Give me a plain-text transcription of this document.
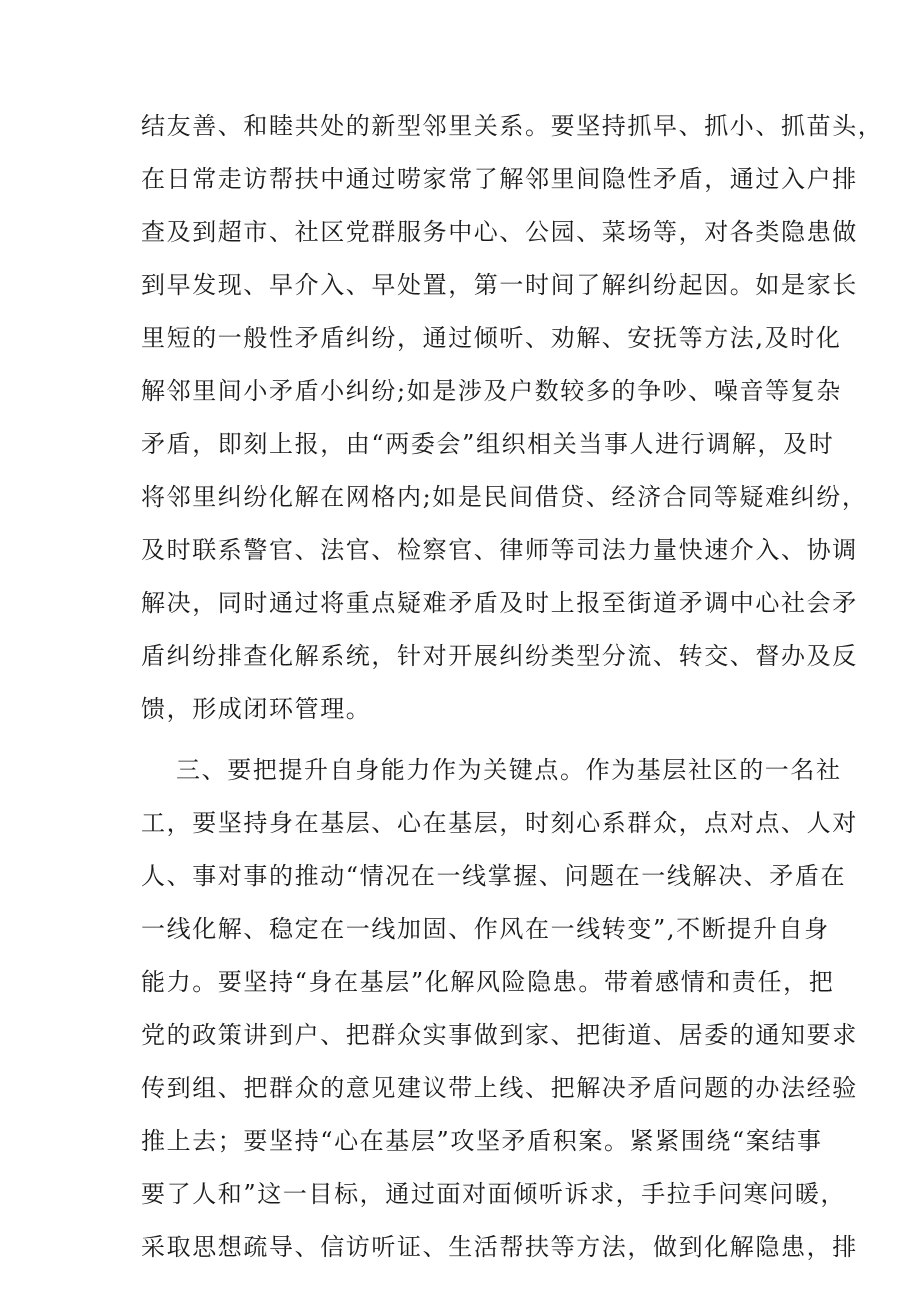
结友善、和睦共处的新型邻里关系。要坚持抓早、抓小、抓苗头，
在日常走访帮扶中通过唠家常了解邻里间隐性矛盾，通过入户排
查及到超市、社区党群服务中心、公园、菜场等，对各类隐患做
到早发现、早介入、早处置，第一时间了解纠纷起因。如是家长
里短的一般性矛盾纠纷，通过倾听、劝解、安抚等方法,及时化
解邻里间小矛盾小纠纷;如是涉及户数较多的争吵、噪音等复杂
矛盾，即刻上报，由“两委会”组织相关当事人进行调解，及时
将邻里纠纷化解在网格内;如是民间借贷、经济合同等疑难纠纷，
及时联系警官、法官、检察官、律师等司法力量快速介入、协调
解决，同时通过将重点疑难矛盾及时上报至街道矛调中心社会矛
盾纠纷排查化解系统，针对开展纠纷类型分流、转交、督办及反
馈，形成闭环管理。
三、要把提升自身能力作为关键点。作为基层社区的一名社
工，要坚持身在基层、心在基层，时刻心系群众，点对点、人对
人、事对事的推动“情况在一线掌握、问题在一线解决、矛盾在
一线化解、稳定在一线加固、作风在一线转变”,不断提升自身
能力。要坚持“身在基层”化解风险隐患。带着感情和责任，把
党的政策讲到户、把群众实事做到家、把街道、居委的通知要求
传到组、把群众的意见建议带上线、把解决矛盾问题的办法经验
推上去；要坚持“心在基层”攻坚矛盾积案。紧紧围绕“案结事
要了人和”这一目标，通过面对面倾听诉求，手拉手问寒问暖，
采取思想疏导、信访听证、生活帮扶等方法，做到化解隐患，排
